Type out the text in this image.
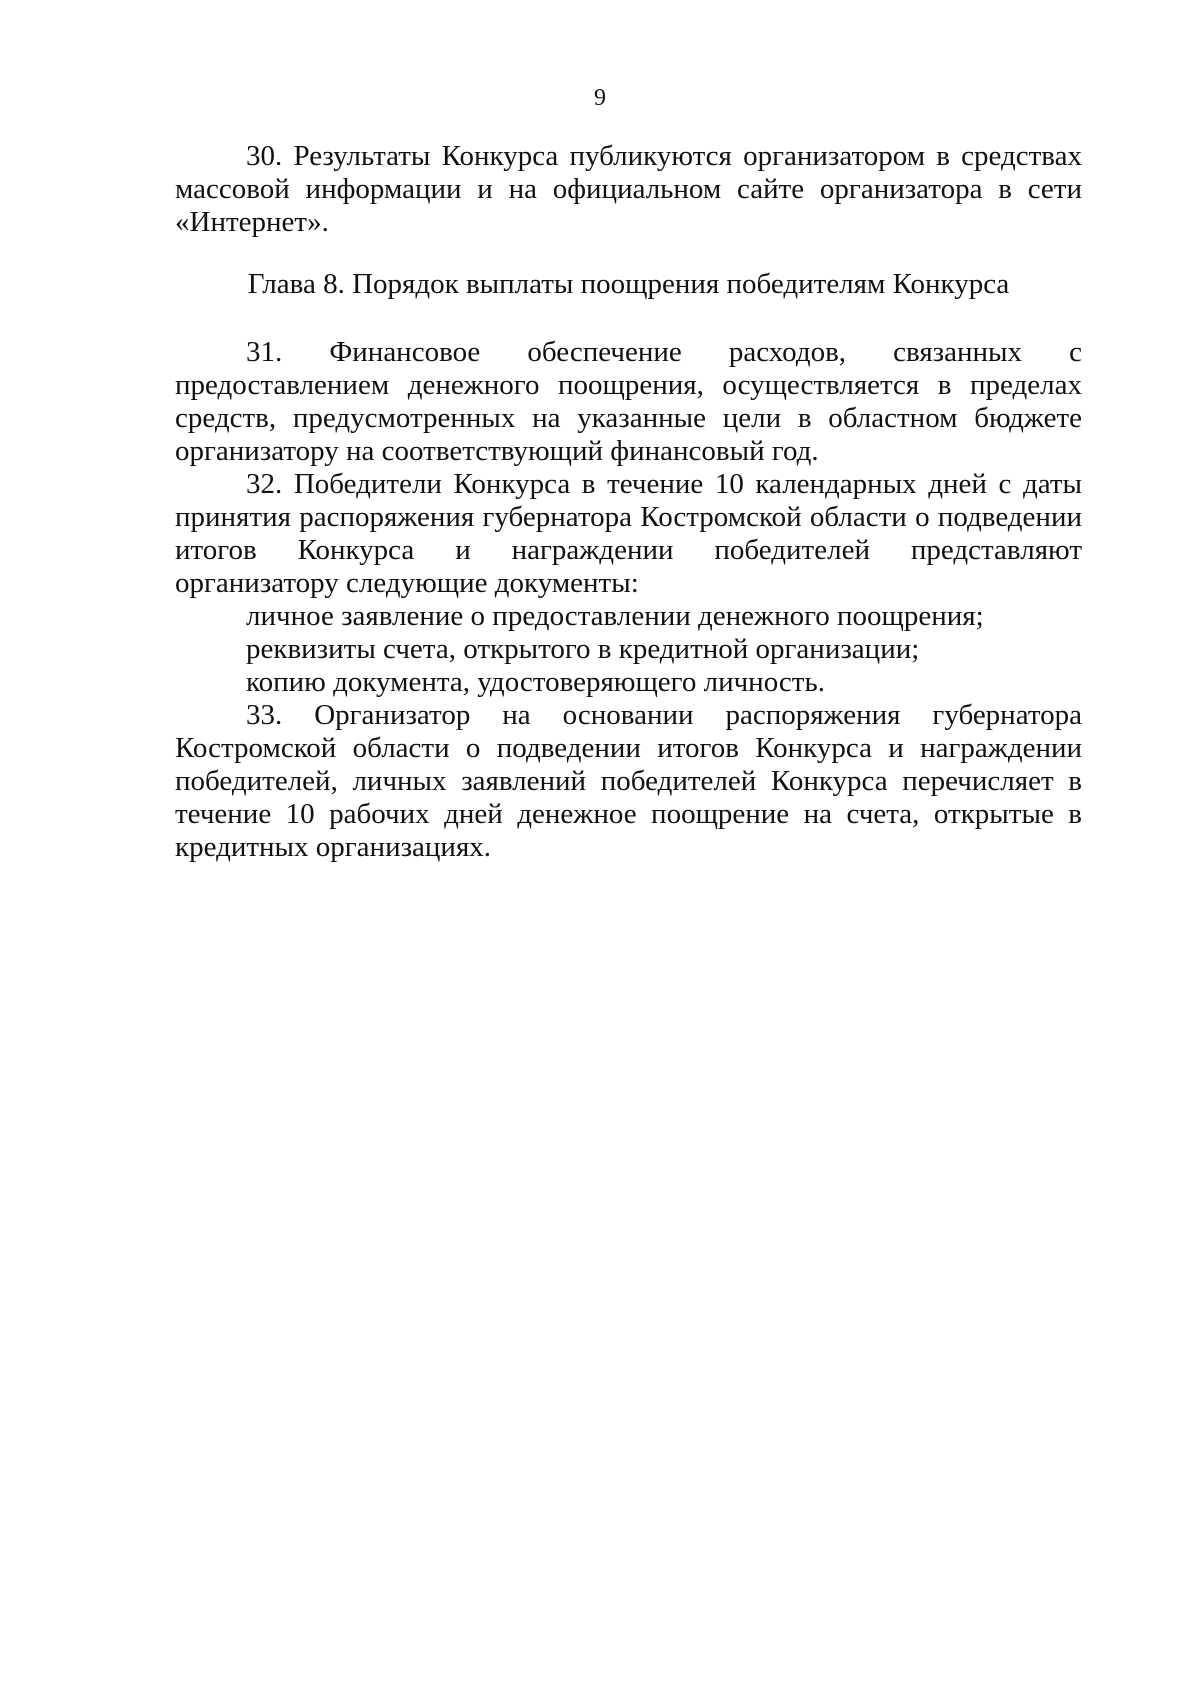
9

30. Результаты Конкурса публикуются организатором в средствах массовой информации и на официальном сайте организатора в сети «Интернет».

Глава 8. Порядок выплаты поощрения победителям Конкурса

31. Финансовое обеспечение расходов, связанных с предоставлением денежного поощрения, осуществляется в пределах средств, предусмотренных на указанные цели в областном бюджете организатору на соответствующий финансовый год.

32. Победители Конкурса в течение 10 календарных дней с даты принятия распоряжения губернатора Костромской области о подведении итогов Конкурса и награждении победителей представляют организатору следующие документы:

личное заявление о предоставлении денежного поощрения;

реквизиты счета, открытого в кредитной организации;

копию документа, удостоверяющего личность.

33. Организатор на основании распоряжения губернатора Костромской области о подведении итогов Конкурса и награждении победителей, личных заявлений победителей Конкурса перечисляет в течение 10 рабочих дней денежное поощрение на счета, открытые в кредитных организациях.
